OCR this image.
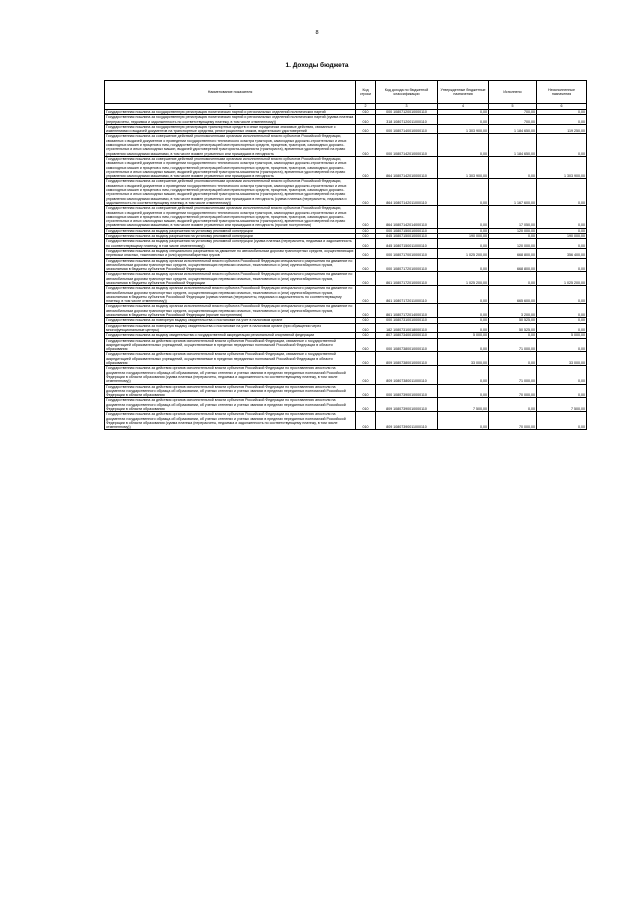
8
1. Доходы бюджета
Наименование показателя	Код строки	Код дохода по бюджетной классификации	Утвержденные бюджетные назначения	Исполнено	Неисполненные назначения
1	2	3	4	5	6
Государственная пошлина за государственную регистрацию политических партий и региональных отделений политических партий	010	000 10807120010000110	0,00	700,00	0,00
Государственная пошлина за государственную регистрацию политических партий и региональных отделений политических партий (сумма платежа (перерасчеты, недоимка и задолженность по соответствующему платежу, в том числе отмененному))	010	318 10807120011000110	0,00	700,00	0,00
Государственная пошлина за государственную регистрацию транспортных средств и иные юридически значимые действия, связанные с изменениями и выдачей документов на транспортные средства, регистрационных знаков, водительских удостоверений	010	000 10807140010000110	1 303 900,00	1 184 650,00	119 250,00
Государственная пошлина за совершение действий уполномоченными органами исполнительной власти субъектов Российской Федерации, связанных с выдачей документов о проведении государственного технического осмотра тракторов, самоходных дорожно-строительных и иных самоходных машин и прицепов к ним, государственной регистрацией мототранспортных средств, прицепов, тракторов, самоходных дорожно-строительных и иных самоходных машин, выдачей удостоверений тракториста-машиниста (тракториста), временных удостоверений на право управления самоходными машинами, в том числе взамен утраченных или пришедших в негодность	010	000 10807142010000110	0,00	1 184 650,00	0,00
Государственная пошлина за совершение действий уполномоченными органами исполнительной власти субъектов Российской Федерации, связанных с выдачей документов о проведении государственного технического осмотра тракторов, самоходных дорожно-строительных и иных самоходных машин и прицепов к ним, государственной регистрацией мототранспортных средств, прицепов, тракторов, самоходных дорожно-строительных и иных самоходных машин, выдачей удостоверений тракториста-машиниста (тракториста), временных удостоверений на право управления самоходными машинами, в том числе взамен утраченных или пришедших в негодность	010	864 10807142010000110	1 303 900,00	0,00	1 303 900,00
Государственная пошлина за совершение действий уполномоченными органами исполнительной власти субъектов Российской Федерации, связанных с выдачей документов о проведении государственного технического осмотра тракторов, самоходных дорожно-строительных и иных самоходных машин и прицепов к ним, государственной регистрацией мототранспортных средств, прицепов, тракторов, самоходных дорожно-строительных и иных самоходных машин, выдачей удостоверений тракториста-машиниста (тракториста), временных удостоверений на право управления самоходными машинами, в том числе взамен утраченных или пришедших в негодность (сумма платежа (перерасчеты, недоимка и задолженность по соответствующему платежу, в том числе отмененному))	010	864 10807142011000110	0,00	1 167 600,00	0,00
Государственная пошлина за совершение действий уполномоченными органами исполнительной власти субъектов Российской Федерации, связанных с выдачей документов о проведении государственного технического осмотра тракторов, самоходных дорожно-строительных и иных самоходных машин и прицепов к ним, государственной регистрацией мототранспортных средств, прицепов, тракторов, самоходных дорожно-строительных и иных самоходных машин, выдачей удостоверений тракториста-машиниста (тракториста), временных удостоверений на право управления самоходными машинами, в том числе взамен утраченных или пришедших в негодность (прочие поступления)	010	864 10807142014000110	0,00	17 050,00	0,00
Государственная пошлина за выдачу разрешения на установку рекламной конструкции	010	000 10807150010000110	0,00	120 000,00	0,00
Государственная пошлина за выдачу разрешения на установку рекламной конструкции	010	845 10807150010000110	190 000,00	0,00	190 000,00
Государственная пошлина за выдачу разрешения на установку рекламной конструкции (сумма платежа (перерасчеты, недоимка и задолженность по соответствующему платежу, в том числе отмененному))	010	845 10807150011000110	0,00	120 000,00	0,00
Государственная пошлина за выдачу специального разрешения на движение по автомобильным дорогам транспортных средств, осуществляющих перевозки опасных, тяжеловесных и (или) крупногабаритных грузов	010	000 10807170010000110	1 025 200,00	668 800,00	356 400,00
Государственная пошлина за выдачу органом исполнительной власти субъекта Российской Федерации специального разрешения на движение по автомобильным дорогам транспортных средств, осуществляющих перевозки опасных, тяжеловесных и (или) крупногабаритных грузов, зачисляемая в бюджеты субъектов Российской Федерации	010	000 10807172010000110	0,00	668 800,00	0,00
Государственная пошлина за выдачу органом исполнительной власти субъекта Российской Федерации специального разрешения на движение по автомобильным дорогам транспортных средств, осуществляющих перевозки опасных, тяжеловесных и (или) крупногабаритных грузов, зачисляемая в бюджеты субъектов Российской Федерации	010	861 10807172010000110	1 025 200,00	0,00	1 025 200,00
Государственная пошлина за выдачу органом исполнительной власти субъекта Российской Федерации специального разрешения на движение по автомобильным дорогам транспортных средств, осуществляющих перевозки опасных, тяжеловесных и (или) крупногабаритных грузов, зачисляемая в бюджеты субъектов Российской Федерации (сумма платежа (перерасчеты, недоимка и задолженность по соответствующему платежу, в том числе отмененному))	010	861 10807172011000110	0,00	665 600,00	0,00
Государственная пошлина за выдачу органом исполнительной власти субъекта Российской Федерации специального разрешения на движение по автомобильным дорогам транспортных средств, осуществляющих перевозки опасных, тяжеловесных и (или) крупногабаритных грузов, зачисляемая в бюджеты субъектов Российской Федерации (прочие поступления)	010	861 10807172014000110	0,00	3 200,00	0,00
Государственная пошлина за повторную выдачу свидетельства о постановке на учет в налоговом органе	010	000 10807310010000110	0,00	50 525,00	0,00
Государственная пошлина за повторную выдачу свидетельства о постановке на учет в налоговом органе (при обращении через многофункциональные центры)	010	182 10807310018000110	0,00	50 525,00	0,00
Государственная пошлина за выдачу свидетельства о государственной аккредитации региональной спортивной федерации	010	807 10807340010000110	5 000,00	0,00	5 000,00
Государственная пошлина за действия органов исполнительной власти субъектов Российской Федерации, связанные с государственной аккредитацией образовательных учреждений, осуществляемые в пределах переданных полномочий Российской Федерации в области образования	010	000 10807380010000110	0,00	71 000,00	0,00
Государственная пошлина за действия органов исполнительной власти субъектов Российской Федерации, связанные с государственной аккредитацией образовательных учреждений, осуществляемые в пределах переданных полномочий Российской Федерации в области образования	010	809 10807380010000110	33 000,00	0,00	33 000,00
Государственная пошлина за действия органов исполнительной власти субъектов Российской Федерации по проставлению апостиля на документах государственного образца об образовании, об ученых степенях и ученых званиях в пределах переданных полномочий Российской Федерации в области образования (сумма платежа (перерасчеты, недоимка и задолженность по соответствующему платежу, в том числе отмененному))	010	809 10807380011000110	0,00	71 000,00	0,00
Государственная пошлина за действия органов исполнительной власти субъектов Российской Федерации по проставлению апостиля на документах государственного образца об образовании, об ученых степенях и ученых званиях в пределах переданных полномочий Российской Федерации в области образования	010	000 10807390010000110	0,00	70 000,00	0,00
Государственная пошлина за действия органов исполнительной власти субъектов Российской Федерации по проставлению апостиля на документах государственного образца об образовании, об ученых степенях и ученых званиях в пределах переданных полномочий Российской Федерации в области образования	010	809 10807390010000110	7 500,00	0,00	7 500,00
Государственная пошлина за действия органов исполнительной власти субъектов Российской Федерации по проставлению апостиля на документах государственного образца об образовании, об ученых степенях и ученых званиях в пределах переданных полномочий Российской Федерации в области образования (сумма платежа (перерасчеты, недоимка и задолженность по соответствующему платежу, в том числе отмененному))	010	809 10807390011000110	0,00	70 000,00	0,00
